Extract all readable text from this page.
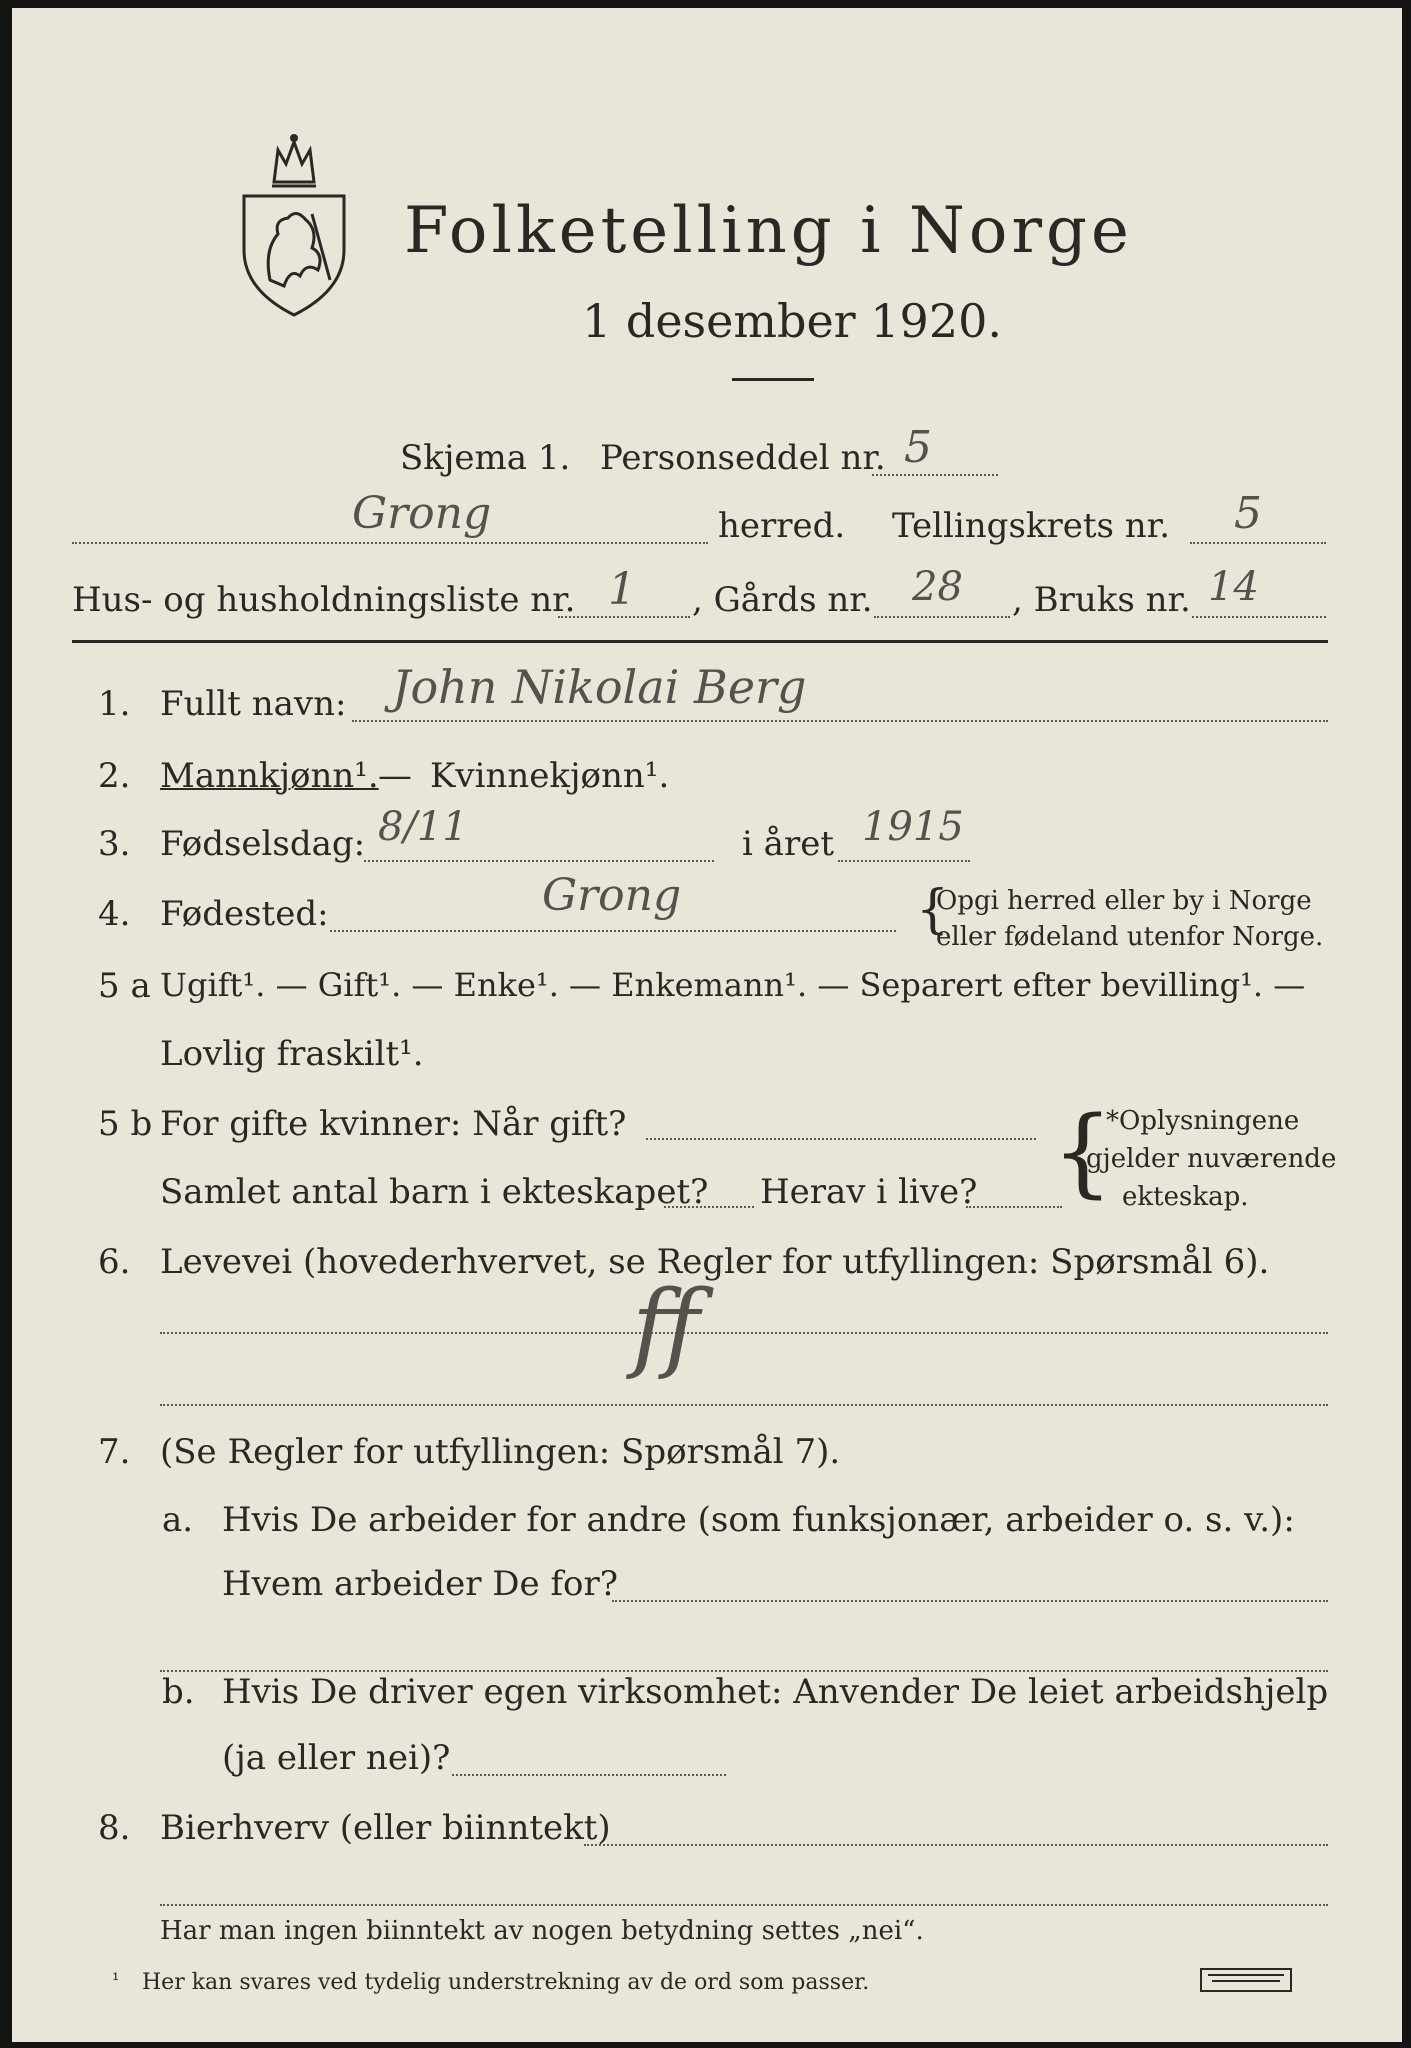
Folketelling i Norge
1 desember 1920.
Skjema 1. Personseddel nr. 5
Grong	herred. Tellingskrets nr. 5
Hus- og husholdningsliste nr. 1 , Gårds nr. 28 , Bruks nr. 14
1. Fullt navn: John Nikolai Berg
2. Mannkjønn¹. — Kvinnekjønn¹.
3. Fødselsdag: 8/11	i året 1915
4. Fødested:	Grong	{
Opgi herred eller by i Norge
eller fødeland utenfor Norge.
5 a Ugift¹. — Gift¹. — Enke¹. — Enkemann¹. — Separert efter bevilling¹. —
Lovlig fraskilt¹.
5 b For gifte kvinner: Når gift?
Samlet antal barn i ekteskapet? Herav i live? {
*Oplysningene
gjelder nuværende
ekteskap.
6. Levevei (hovederhvervet, se Regler for utfyllingen: Spørsmål 6).
ff
7. (Se Regler for utfyllingen: Spørsmål 7).
a. Hvis De arbeider for andre (som funksjonær, arbeider o. s. v.):
Hvem arbeider De for?
b. Hvis De driver egen virksomhet: Anvender De leiet arbeidshjelp
(ja eller nei)?
8. Bierhverv (eller biinntekt)
Har man ingen biinntekt av nogen betydning settes „nei“.
¹ Her kan svares ved tydelig understrekning av de ord som passer.
